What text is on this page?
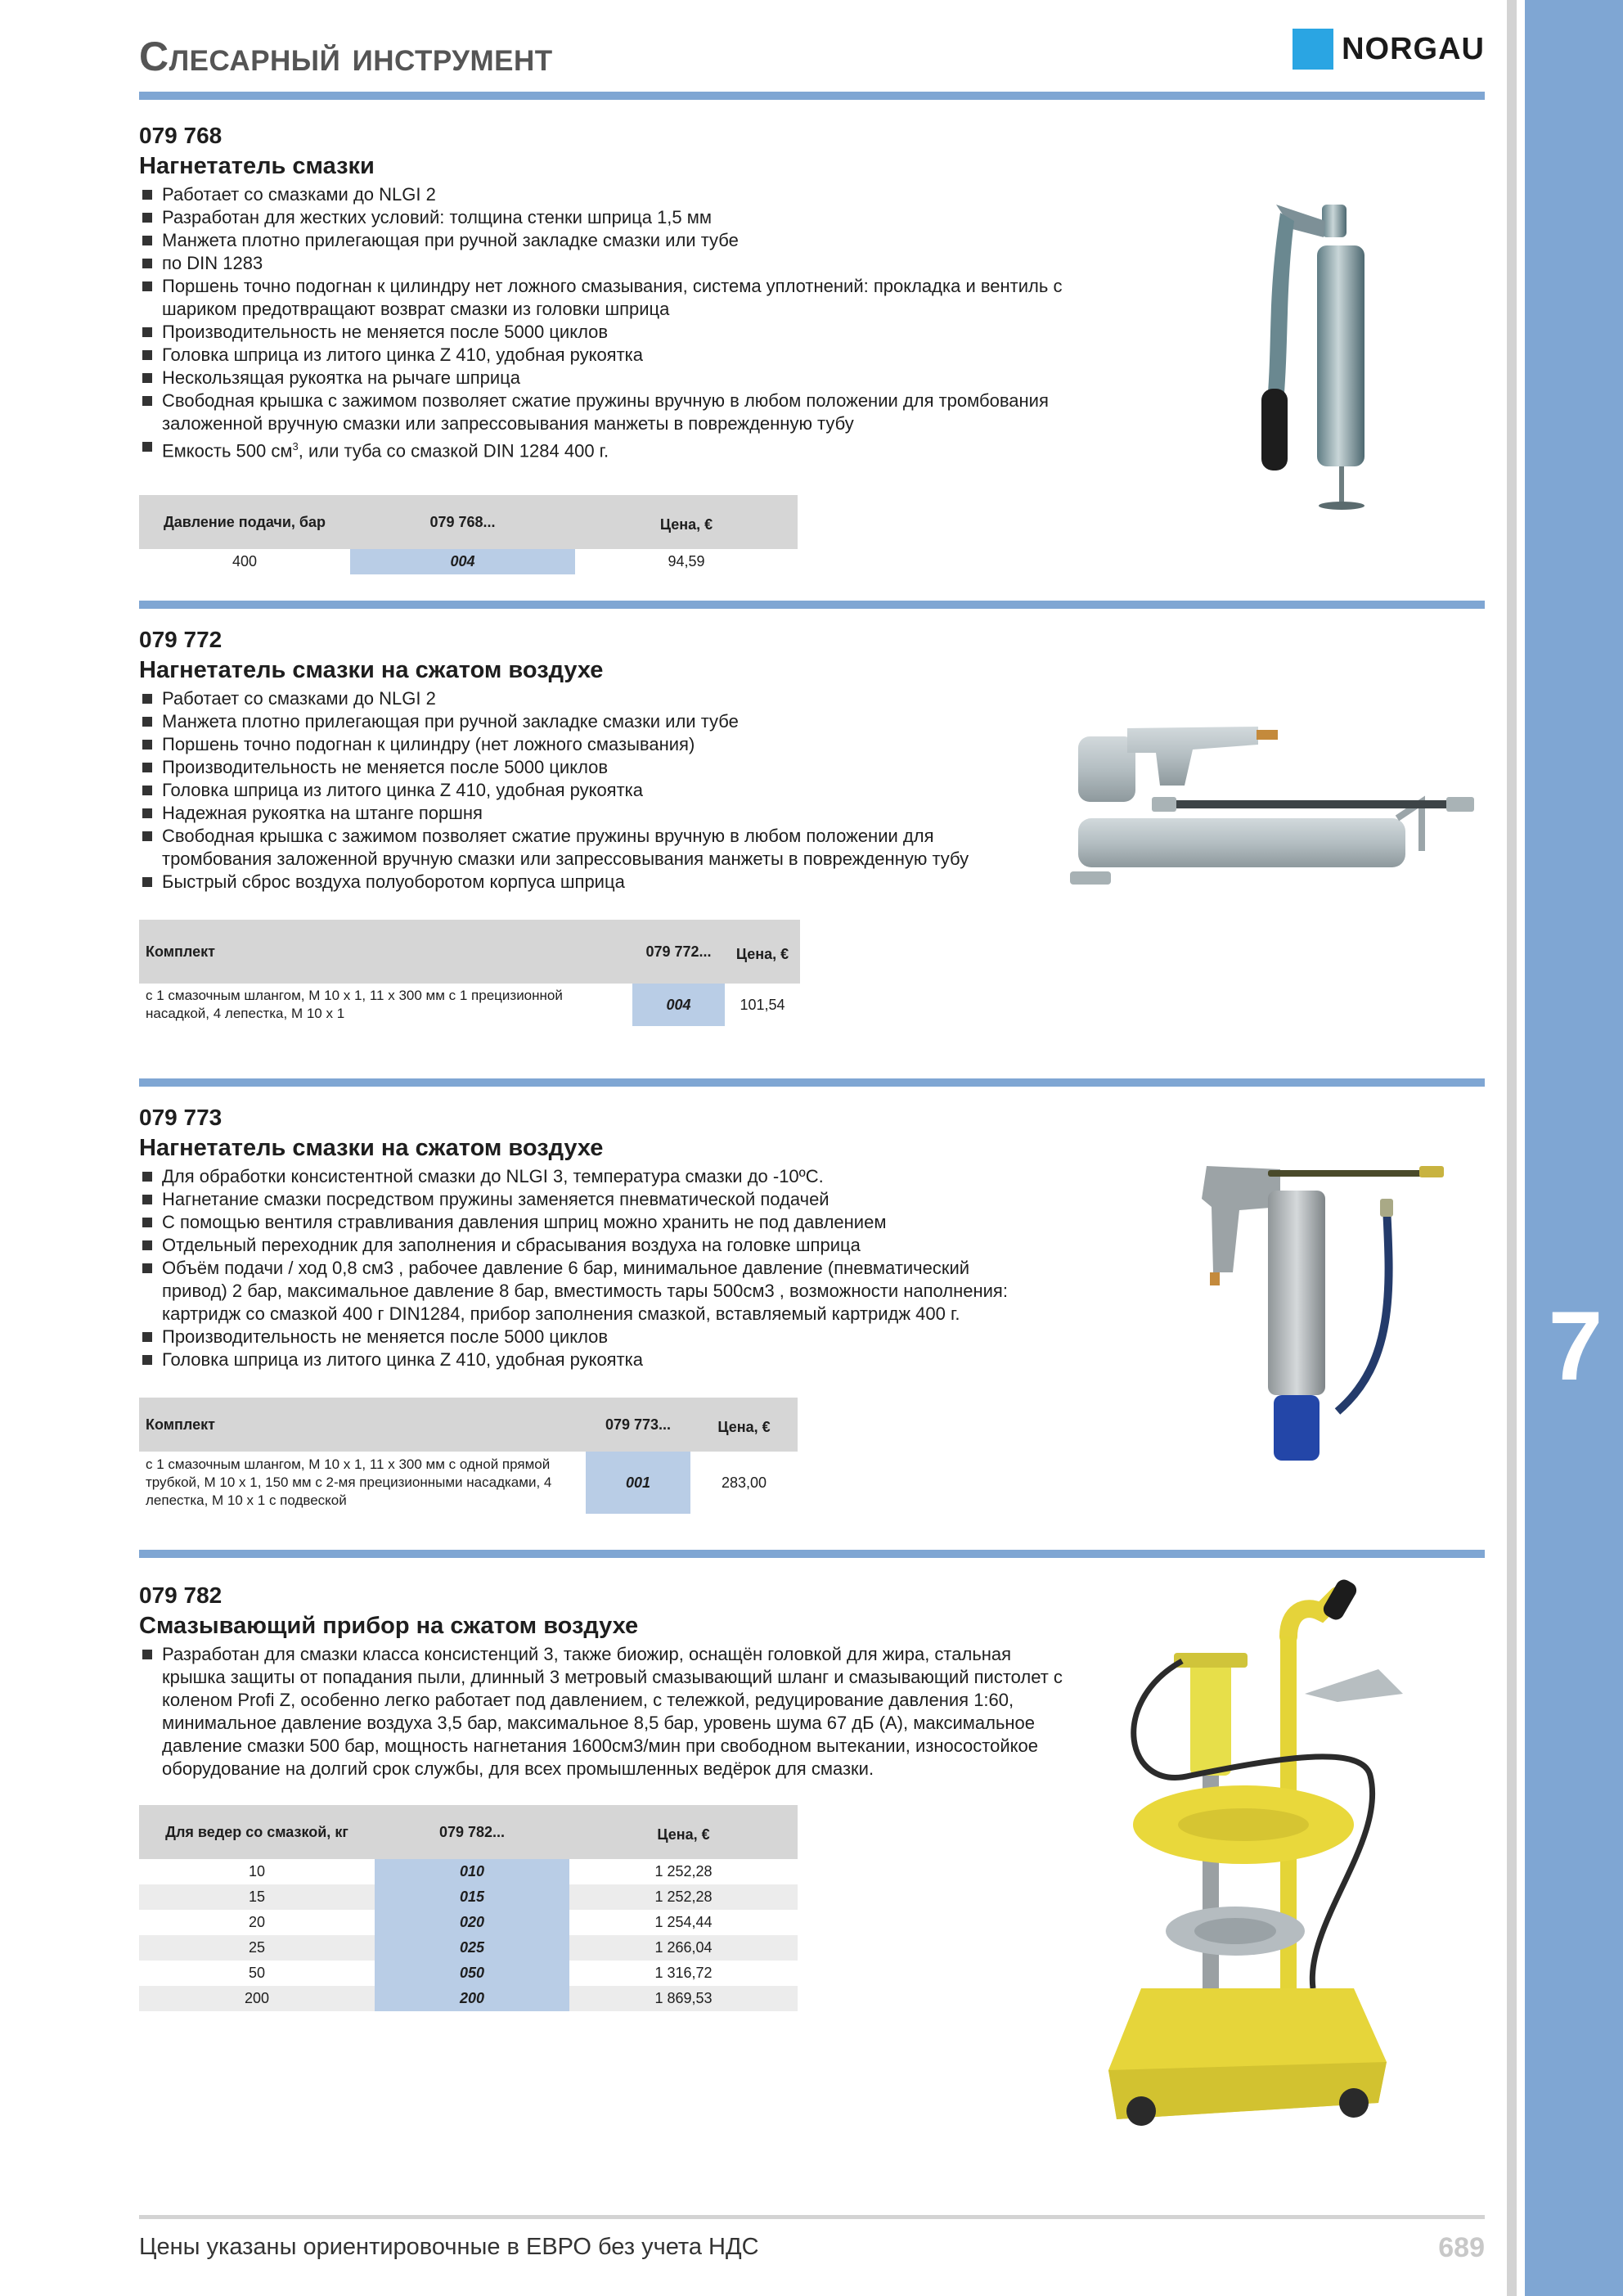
7
Слесарный инструмент	NORGAU
079 768
Нагнетатель смазки
Работает со смазками до NLGI 2
Разработан для жестких условий: толщина стенки шприца 1,5 мм
Манжета плотно прилегающая при ручной закладке смазки или тубе
по DIN 1283
Поршень точно подогнан к цилиндру нет ложного смазывания, система уплотнений: прокладка и вентиль с шариком предотвращают возврат смазки из головки шприца
Производительность не меняется после 5000 циклов
Головка шприца из литого цинка Z 410, удобная рукоятка
Нескользящая рукоятка на рычаге шприца
Свободная крышка с зажимом позволяет сжатие пружины вручную в любом положении для тромбования заложенной вручную смазки или запрессовывания манжеты в поврежденную тубу
Емкость 500 $см^3$, или туба со смазкой DIN 1284 400 г.
Давление подачи, бар	079 768...	Цена, €
400	004	94,59
079 772
Нагнетатель смазки на сжатом воздухе
Работает со смазками до NLGI 2
Манжета плотно прилегающая при ручной закладке смазки или тубе
Поршень точно подогнан к цилиндру (нет ложного смазывания)
Производительность не меняется после 5000 циклов
Головка шприца из литого цинка Z 410, удобная рукоятка
Надежная рукоятка на штанге поршня
Свободная крышка с зажимом позволяет сжатие пружины вручную в любом положении для тромбования заложенной вручную смазки или запрессовывания манжеты в поврежденную тубу
Быстрый сброс воздуха полуоборотом корпуса шприца
Комплект	079 772...	Цена, €
с 1 смазочным шлангом, М 10 х 1, 11 х 300 мм с 1 прецизионной насадкой, 4 лепестка, М 10 х 1	004	101,54
079 773
Нагнетатель смазки на сжатом воздухе
Для обработки консистентной смазки до NLGI 3, температура смазки до -10ºC.
Нагнетание смазки посредством пружины заменяется пневматической подачей
С помощью вентиля стравливания давления шприц можно хранить не под давлением
Отдельный переходник для заполнения и сбрасывания воздуха на головке шприца
Объём подачи / ход 0,8 см3 , рабочее давление 6 бар, минимальное давление (пневматический привод) 2 бар, максимальное давление 8 бар, вместимость тары 500см3 , возможности наполнения: картридж со смазкой 400 г DIN1284, прибор заполнения смазкой, вставляемый картридж 400 г.
Производительность не меняется после 5000 циклов
Головка шприца из литого цинка Z 410, удобная рукоятка
Комплект	079 773...	Цена, €
с 1 смазочным шлангом, М 10 х 1, 11 х 300 мм с одной прямой трубкой, М 10 х 1, 150 мм с 2-мя прецизионными насадками, 4 лепестка, М 10 х 1 с подвеской	001	283,00
079 782
Смазывающий прибор на сжатом воздухе
Разработан для смазки класса консистенций 3, также биожир, оснащён головкой для жира, стальная крышка защиты от попадания пыли, длинный 3 метровый смазывающий шланг и смазывающий пистолет с коленом Profi Z, особенно легко работает под давлением, с тележкой, редуцирование давления 1:60, минимальное давление воздуха 3,5 бар, максимальное 8,5 бар, уровень шума 67 дБ (А), максимальное давление смазки 500 бар, мощность нагнетания 1600см3/мин при свободном вытекании, износостойкое оборудование на долгий срок службы, для всех промышленных ведёрок для смазки.
Для ведер со смазкой, кг	079 782...	Цена, €
10	010	1 252,28
15	015	1 252,28
20	020	1 254,44
25	025	1 266,04
50	050	1 316,72
200	200	1 869,53
Цены указаны ориентировочные в ЕВРО без учета НДС	689
